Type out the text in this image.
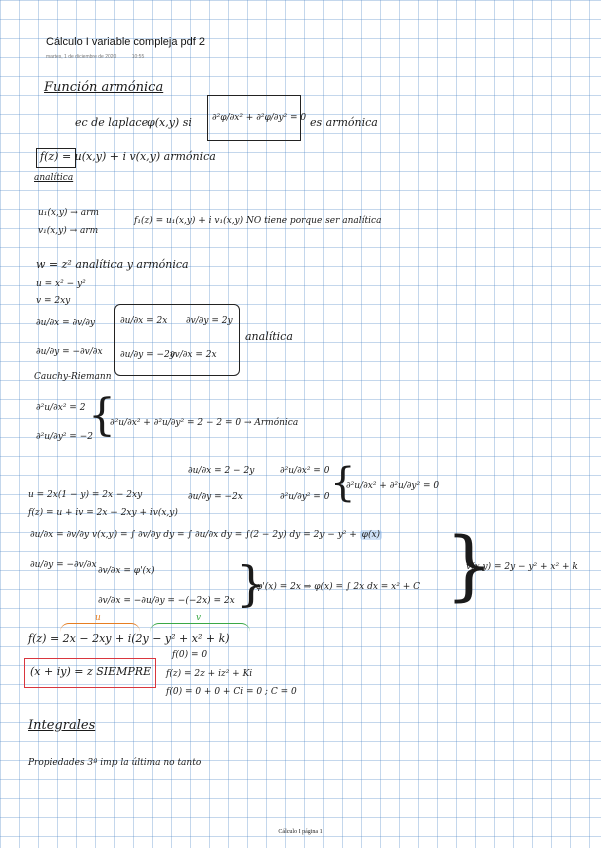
Cálculo I variable compleja pdf 2
martes, 1 de diciembre de 2020	10:55
Función armónica
ec de laplace
φ(x,y) si ∂²φ/∂x² + ∂²φ/∂y² = 0 es armónica
f(z) = u(x,y) + i v(x,y) armónica
analítica
u₁(x,y) → arm
v₁(x,y) → arm
f₁(z) = u₁(x,y) + i v₁(x,y) NO tiene porque ser analítica
w = z² analítica y armónica
u = x² − y²
v = 2xy
∂u/∂x = ∂v/∂y
∂u/∂y = −∂v/∂x
Cauchy-Riemann
∂u/∂x = 2x ∂v/∂y = 2y
∂u/∂y = −2y
∂v/∂x = 2x
analítica
∂²u/∂x² = 2
∂²u/∂y² = −2
{
∂²u/∂x² + ∂²u/∂y² = 2 − 2 = 0 → Armónica
∂u/∂x = 2 − 2y
∂u/∂y = −2x
∂²u/∂x² = 0
∂²u/∂y² = 0 {
∂²u/∂x² + ∂²u/∂y² = 0
u = 2x(1 − y) = 2x − 2xy
f(z) = u + iv = 2x − 2xy + iv(x,y)
∂u/∂x = ∂v/∂y v(x,y) = ∫ ∂v/∂y dy = ∫ ∂u/∂x dy = ∫(2 − 2y) dy = 2y − y² + φ(x)
∂u/∂y = −∂v/∂x
∂v/∂x = φ'(x)
∂v/∂x = −∂u/∂y = −(−2x) = 2x {
φ'(x) = 2x ⇒ φ(x) = ∫ 2x dx = x² + C {
v(x,y) = 2y − y² + x² + k
u	v
f(z) = 2x − 2xy + i(2y − y² + x² + k)
(x + iy) = z SIEMPRE
f(0) = 0
f(z) = 2z + iz² + Ki
f(0) = 0 + 0 + Ci = 0 ; C = 0
Integrales
Propiedades 3ª imp la última no tanto
Cálculo I página 1
